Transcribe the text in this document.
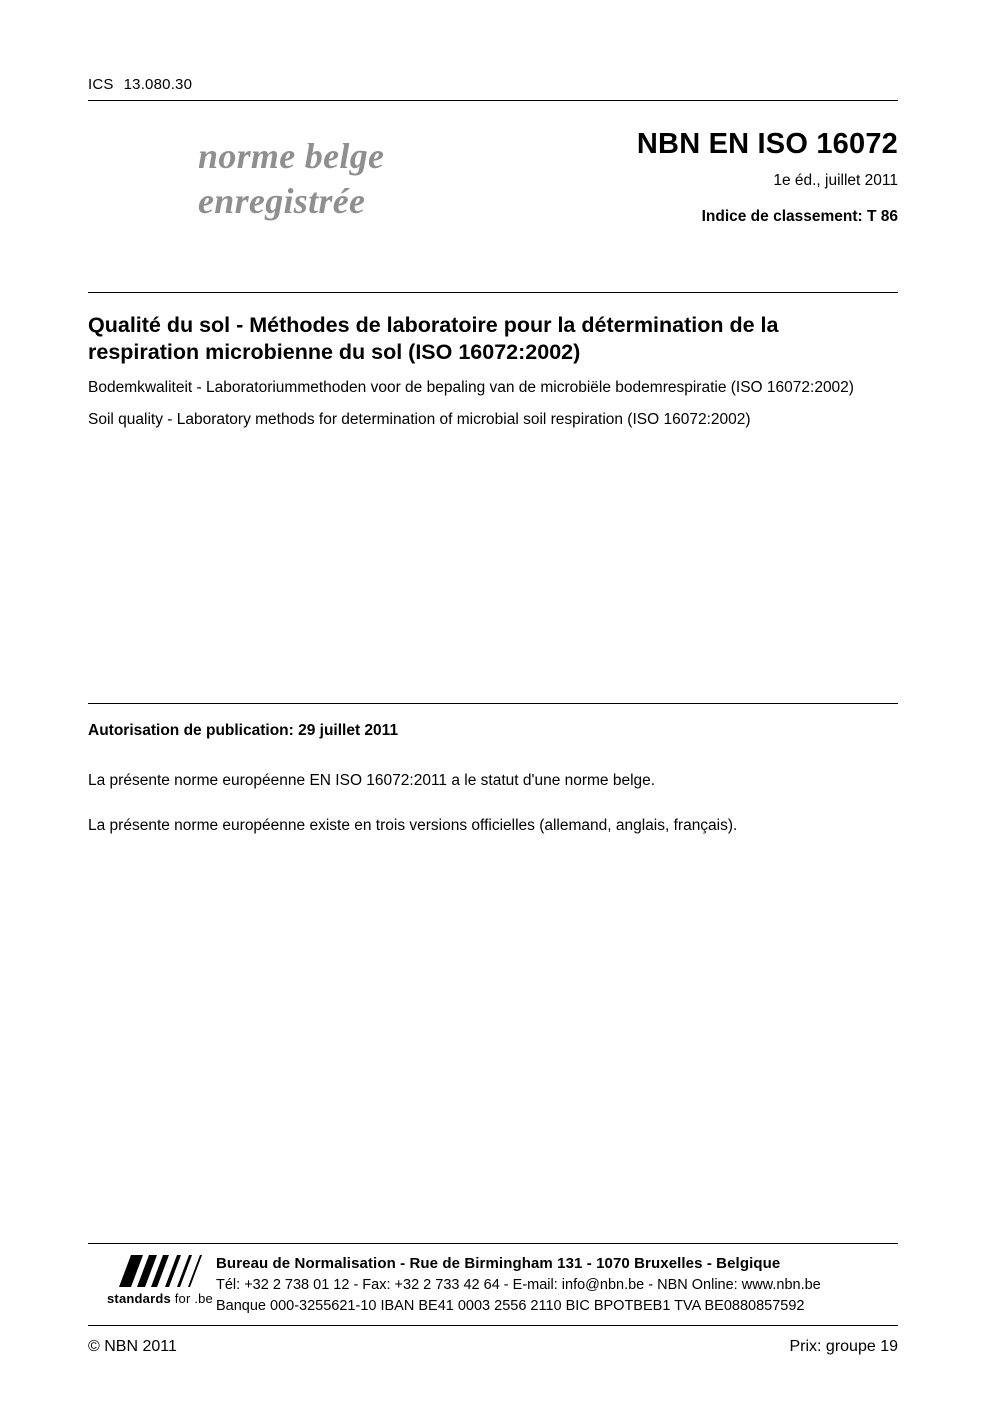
ICS 13.080.30
norme belge
enregistrée
NBN EN ISO 16072
1e éd., juillet 2011
Indice de classement: T 86
Qualité du sol - Méthodes de laboratoire pour la détermination de la respiration microbienne du sol (ISO 16072:2002)
Bodemkwaliteit - Laboratoriummethoden voor de bepaling van de microbiële bodemrespiratie (ISO 16072:2002)
Soil quality - Laboratory methods for determination of microbial soil respiration (ISO 16072:2002)
Autorisation de publication: 29 juillet 2011
La présente norme européenne EN ISO 16072:2011 a le statut d'une norme belge.
La présente norme européenne existe en trois versions officielles (allemand, anglais, français).
standards for .be
Bureau de Normalisation - Rue de Birmingham 131 - 1070 Bruxelles - Belgique
Tél: +32 2 738 01 12 - Fax: +32 2 733 42 64 - E-mail: info@nbn.be - NBN Online: www.nbn.be
Banque 000-3255621-10 IBAN BE41 0003 2556 2110 BIC BPOTBEB1 TVA BE0880857592
© NBN 2011	Prix: groupe 19
